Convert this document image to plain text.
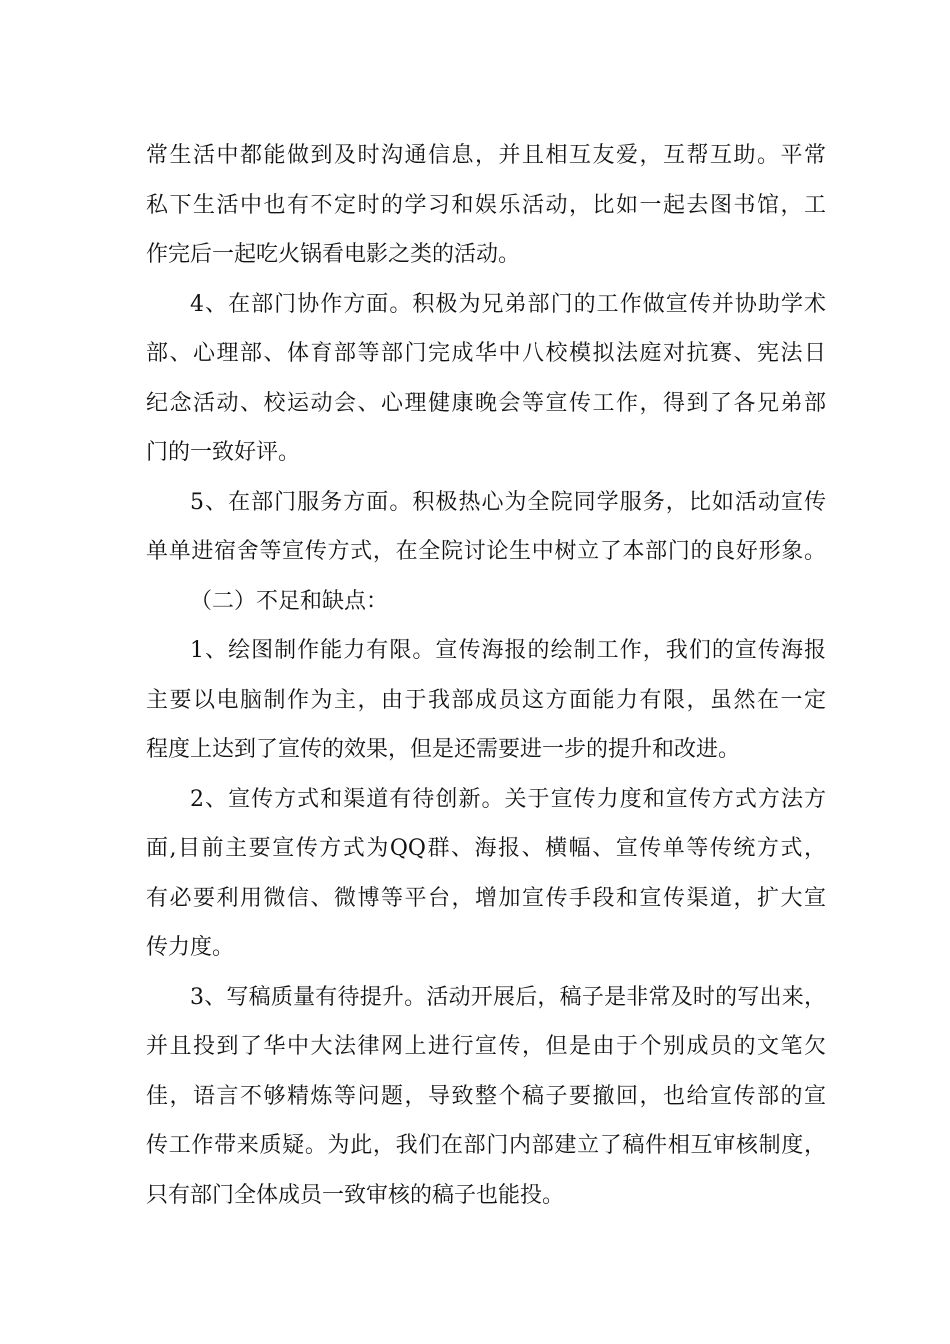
常生活中都能做到及时沟通信息，并且相互友爱，互帮互助。平常

私下生活中也有不定时的学习和娱乐活动，比如一起去图书馆，工

作完后一起吃火锅看电影之类的活动。

4、在部门协作方面。积极为兄弟部门的工作做宣传并协助学术

部、心理部、体育部等部门完成华中八校模拟法庭对抗赛、宪法日

纪念活动、校运动会、心理健康晚会等宣传工作，得到了各兄弟部

门的一致好评。

5、在部门服务方面。积极热心为全院同学服务，比如活动宣传

单单进宿舍等宣传方式，在全院讨论生中树立了本部门的良好形象。

（二）不足和缺点：

1、绘图制作能力有限。宣传海报的绘制工作，我们的宣传海报

主要以电脑制作为主，由于我部成员这方面能力有限，虽然在一定

程度上达到了宣传的效果，但是还需要进一步的提升和改进。

2、宣传方式和渠道有待创新。关于宣传力度和宣传方式方法方

面,目前主要宣传方式为QQ群、海报、横幅、宣传单等传统方式，

有必要利用微信、微博等平台，增加宣传手段和宣传渠道，扩大宣

传力度。

3、写稿质量有待提升。活动开展后，稿子是非常及时的写出来，

并且投到了华中大法律网上进行宣传，但是由于个别成员的文笔欠

佳，语言不够精炼等问题，导致整个稿子要撤回，也给宣传部的宣

传工作带来质疑。为此，我们在部门内部建立了稿件相互审核制度，

只有部门全体成员一致审核的稿子也能投。
